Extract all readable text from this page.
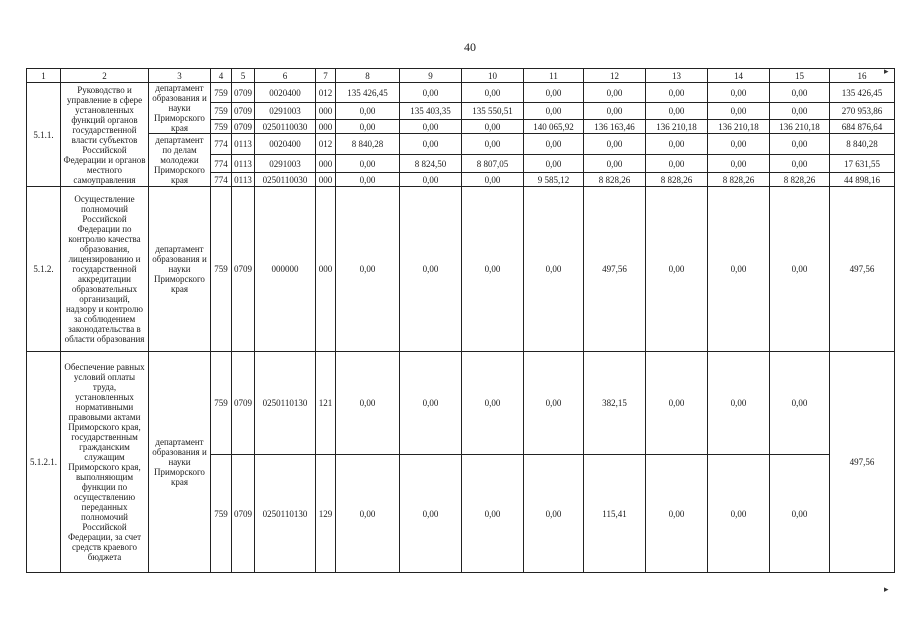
40
1	2	3	4	5	6	7	8	9	10	11	12	13	14	15	16
5.1.1.	Руководство и управление в сфере установленных функций органов государственной власти субъектов Российской Федерации и органов местного самоуправления	департамент образования и науки Приморского края	759	0709	0020400	012	135 426,45	0,00	0,00	0,00	0,00	0,00	0,00	0,00	135 426,45
			759	0709	0291003	000	0,00	135 403,35	135 550,51	0,00	0,00	0,00	0,00	0,00	270 953,86
			759	0709	0250110030	000	0,00	0,00	0,00	140 065,92	136 163,46	136 210,18	136 210,18	136 210,18	684 876,64
		департамент по делам молодежи Приморского края	774	0113	0020400	012	8 840,28	0,00	0,00	0,00	0,00	0,00	0,00	0,00	8 840,28
			774	0113	0291003	000	0,00	8 824,50	8 807,05	0,00	0,00	0,00	0,00	0,00	17 631,55
			774	0113	0250110030	000	0,00	0,00	0,00	9 585,12	8 828,26	8 828,26	8 828,26	8 828,26	44 898,16
5.1.2.	Осуществление полномочий Российской Федерации по контролю качества образования, лицензированию и государственной аккредитации образовательных организаций, надзору и контролю за соблюдением законодательства в области образования	департамент образования и науки Приморского края	759	0709	000000	000	0,00	0,00	0,00	0,00	497,56	0,00	0,00	0,00	497,56
5.1.2.1.	Обеспечение равных условий оплаты труда, установленных нормативными правовыми актами Приморского края, государственным гражданским служащим Приморского края, выполняющим функции по осуществлению переданных полномочий Российской Федерации, за счет средств краевого бюджета	департамент образования и науки Приморского края	759	0709	0250110130	121	0,00	0,00	0,00	0,00	382,15	0,00	0,00	0,00	497,56
			759	0709	0250110130	129	0,00	0,00	0,00	0,00	115,41	0,00	0,00	0,00	
▸
▸
